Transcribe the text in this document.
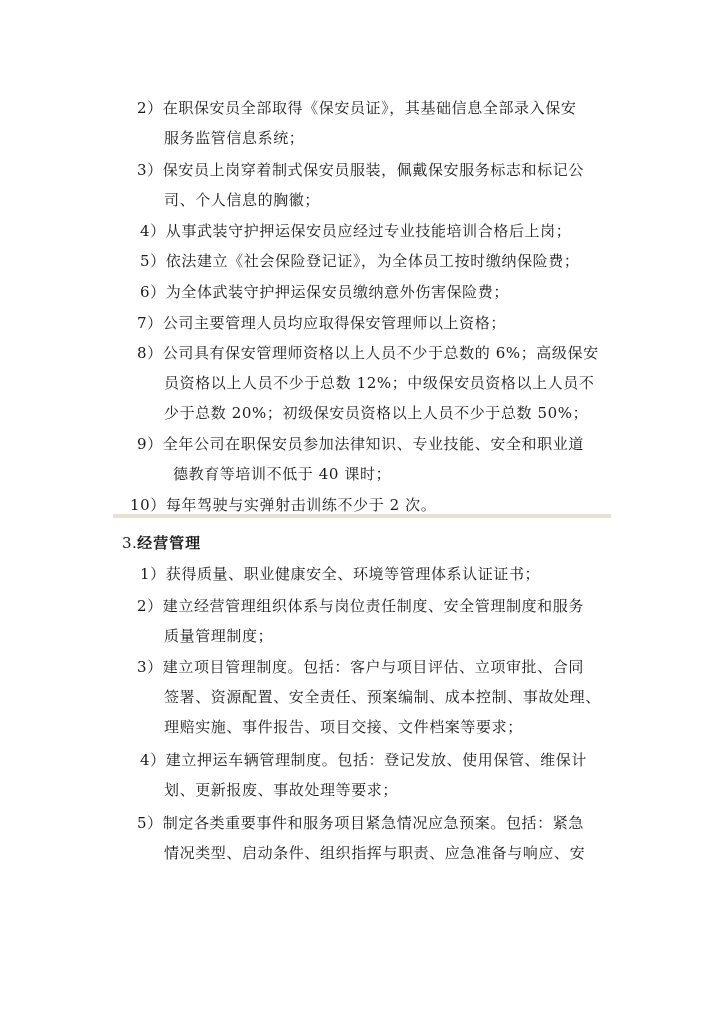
2）在职保安员全部取得《保安员证》，其基础信息全部录入保安
服务监管信息系统；
3）保安员上岗穿着制式保安员服装，佩戴保安服务标志和标记公
司、个人信息的胸徽；
4）从事武装守护押运保安员应经过专业技能培训合格后上岗；
5）依法建立《社会保险登记证》，为全体员工按时缴纳保险费；
6）为全体武装守护押运保安员缴纳意外伤害保险费；
7）公司主要管理人员均应取得保安管理师以上资格；
8）公司具有保安管理师资格以上人员不少于总数的 6%；高级保安
员资格以上人员不少于总数 12%；中级保安员资格以上人员不
少于总数 20%；初级保安员资格以上人员不少于总数 50%；
9）全年公司在职保安员参加法律知识、专业技能、安全和职业道
德教育等培训不低于 40 课时；
10）每年驾驶与实弹射击训练不少于 2 次。
3.经营管理
1）获得质量、职业健康安全、环境等管理体系认证证书；
2）建立经营管理组织体系与岗位责任制度、安全管理制度和服务
质量管理制度；
3）建立项目管理制度。包括：客户与项目评估、立项审批、合同
签署、资源配置、安全责任、预案编制、成本控制、事故处理、
理赔实施、事件报告、项目交接、文件档案等要求；
4）建立押运车辆管理制度。包括：登记发放、使用保管、维保计
划、更新报废、事故处理等要求；
5）制定各类重要事件和服务项目紧急情况应急预案。包括：紧急
情况类型、启动条件、组织指挥与职责、应急准备与响应、安
